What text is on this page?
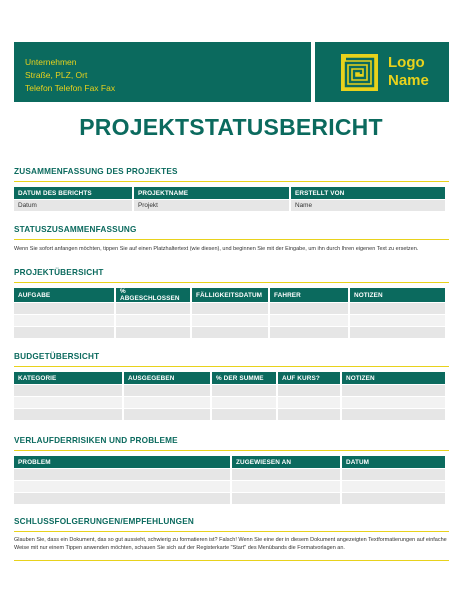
Unternehmen
Straße, PLZ, Ort
Telefon Telefon Fax Fax
Logo
Name
PROJEKTSTATUSBERICHT
ZUSAMMENFASSUNG DES PROJEKTES
DATUM DES BERICHTS	PROJEKTNAME	ERSTELLT VON
Datum	Projekt	Name
STATUSZUSAMMENFASSUNG
Wenn Sie sofort anfangen möchten, tippen Sie auf einen Platzhaltertext (wie diesen), und beginnen Sie mit der Eingabe, um ihn durch Ihren eigenen Text zu ersetzen.
PROJEKTÜBERSICHT
AUFGABE	% ABGESCHLOSSEN	FÄLLIGKEITSDATUM	FAHRER	NOTIZEN

BUDGETÜBERSICHT
KATEGORIE	AUSGEGEBEN	% DER SUMME	AUF KURS?	NOTIZEN

VERLAUFDERRISIKEN UND PROBLEME
PROBLEM	ZUGEWIESEN AN	DATUM

SCHLUSSFOLGERUNGEN/EMPFEHLUNGEN
Glauben Sie, dass ein Dokument, das so gut aussieht, schwierig zu formatieren ist? Falsch! Wenn Sie eine der in diesem Dokument angezeigten Textformatierungen auf einfache Weise mit nur einem Tippen anwenden möchten, schauen Sie sich auf der Registerkarte "Start" des Menübands die Formatvorlagen an.
